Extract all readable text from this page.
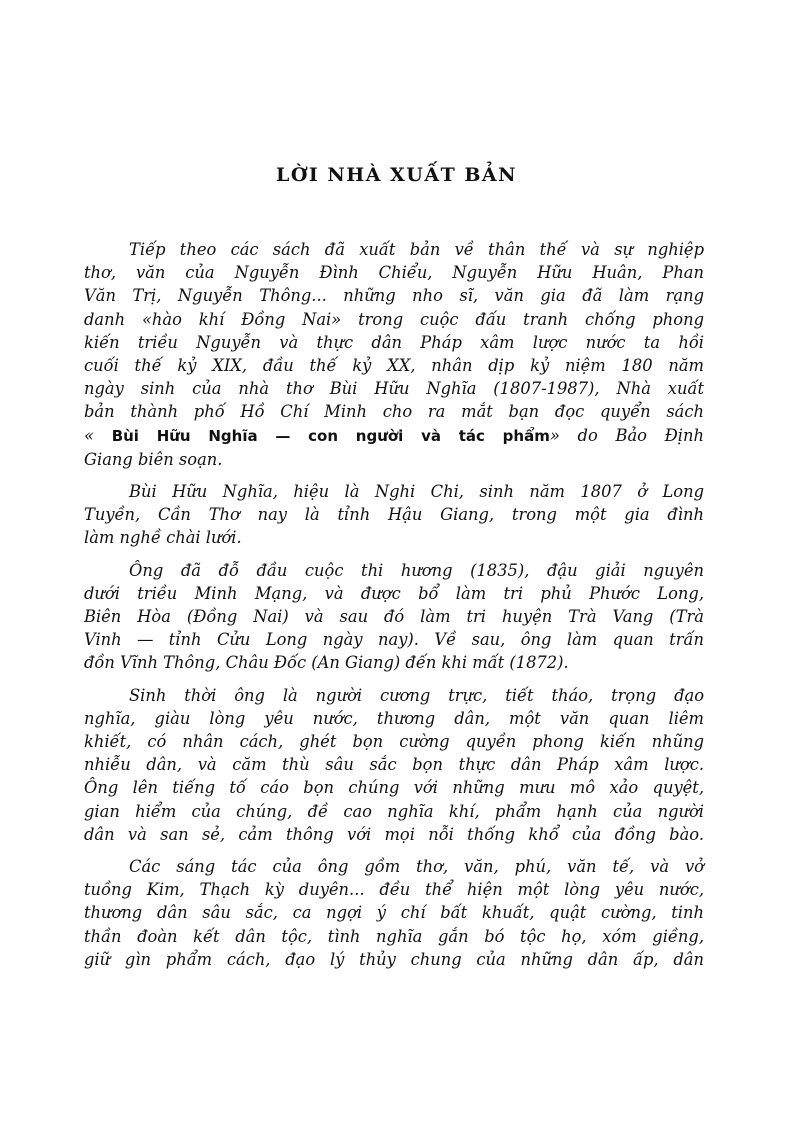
LỜI NHÀ XUẤT BẢN
Tiếp theo các sách đã xuất bản về thân thế và sự nghiệp
thơ, văn của Nguyễn Đình Chiểu, Nguyễn Hữu Huân, Phan
Văn Trị, Nguyễn Thông... những nho sĩ, văn gia đã làm rạng
danh «hào khí Đồng Nai» trong cuộc đấu tranh chống phong
kiến triều Nguyễn và thực dân Pháp xâm lược nước ta hồi
cuối thế kỷ XIX, đầu thế kỷ XX, nhân dịp kỷ niệm 180 năm
ngày sinh của nhà thơ Bùi Hữu Nghĩa (1807-1987), Nhà xuất
bản thành phố Hồ Chí Minh cho ra mắt bạn đọc quyển sách
« Bùi Hữu Nghĩa — con người và tác phẩm» do Bảo Định
Giang biên soạn.
Bùi Hữu Nghĩa, hiệu là Nghi Chi, sinh năm 1807 ở Long
Tuyền, Cần Thơ nay là tỉnh Hậu Giang, trong một gia đình
làm nghề chài lưới.
Ông đã đỗ đầu cuộc thi hương (1835), đậu giải nguyên
dưới triều Minh Mạng, và được bổ làm tri phủ Phước Long,
Biên Hòa (Đồng Nai) và sau đó làm tri huyện Trà Vang (Trà
Vinh — tỉnh Cửu Long ngày nay). Về sau, ông làm quan trấn
đồn Vĩnh Thông, Châu Đốc (An Giang) đến khi mất (1872).
Sinh thời ông là người cương trực, tiết tháo, trọng đạo
nghĩa, giàu lòng yêu nước, thương dân, một văn quan liêm
khiết, có nhân cách, ghét bọn cường quyền phong kiến nhũng
nhiễu dân, và căm thù sâu sắc bọn thực dân Pháp xâm lược.
Ông lên tiếng tố cáo bọn chúng với những mưu mô xảo quyệt,
gian hiểm của chúng, đề cao nghĩa khí, phẩm hạnh của người
dân và san sẻ, cảm thông với mọi nỗi thống khổ của đồng bào.
Các sáng tác của ông gồm thơ, văn, phú, văn tế, và vở
tuồng Kim, Thạch kỳ duyên... đều thể hiện một lòng yêu nước,
thương dân sâu sắc, ca ngợi ý chí bất khuất, quật cường, tinh
thần đoàn kết dân tộc, tình nghĩa gắn bó tộc họ, xóm giềng,
giữ gìn phẩm cách, đạo lý thủy chung của những dân ấp, dân
